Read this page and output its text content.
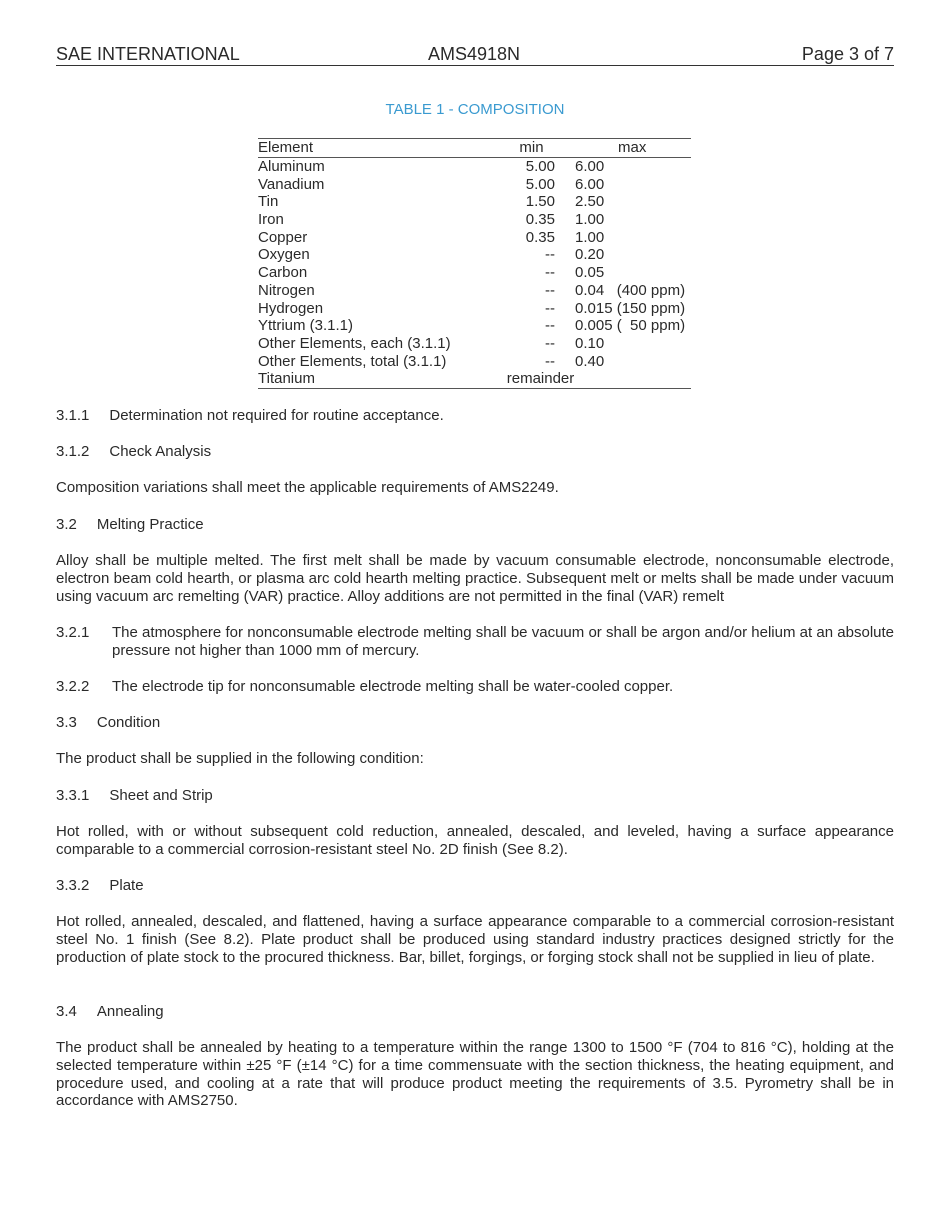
SAE INTERNATIONAL	AMS4918N	Page 3 of 7
TABLE 1 - COMPOSITION
Element	min	max
Aluminum	5.00 6.00
Vanadium	5.00 6.00
Tin	1.50 2.50
Iron	0.35 1.00
Copper	0.35 1.00
Oxygen	-- 0.20
Carbon	-- 0.05
Nitrogen	-- 0.04   (400 ppm)
Hydrogen	-- 0.015 (150 ppm)
Yttrium (3.1.1)	-- 0.005 (  50 ppm)
Other Elements, each (3.1.1)	-- 0.10
Other Elements, total (3.1.1)	-- 0.40
Titanium	remainder
3.1.1 Determination not required for routine acceptance.
3.1.2 Check Analysis
Composition variations shall meet the applicable requirements of AMS2249.
3.2 Melting Practice
Alloy shall be multiple melted. The first melt shall be made by vacuum consumable electrode, nonconsumable electrode, electron beam cold hearth, or plasma arc cold hearth melting practice. Subsequent melt or melts shall be made under vacuum using vacuum arc remelting (VAR) practice. Alloy additions are not permitted in the final (VAR) remelt
3.2.1 The atmosphere for nonconsumable electrode melting shall be vacuum or shall be argon and/or helium at an absolute pressure not higher than 1000 mm of mercury.
3.2.2 The electrode tip for nonconsumable electrode melting shall be water-cooled copper.
3.3 Condition
The product shall be supplied in the following condition:
3.3.1 Sheet and Strip
Hot rolled, with or without subsequent cold reduction, annealed, descaled, and leveled, having a surface appearance comparable to a commercial corrosion-resistant steel No. 2D finish (See 8.2).
3.3.2 Plate
Hot rolled, annealed, descaled, and flattened, having a surface appearance comparable to a commercial corrosion-resistant steel No. 1 finish (See 8.2). Plate product shall be produced using standard industry practices designed strictly for the production of plate stock to the procured thickness. Bar, billet, forgings, or forging stock shall not be supplied in lieu of plate.
3.4 Annealing
The product shall be annealed by heating to a temperature within the range 1300 to 1500 °F (704 to 816 °C), holding at the selected temperature within ±25 °F (±14 °C) for a time commensuate with the section thickness, the heating equipment, and procedure used, and cooling at a rate that will produce product meeting the requirements of 3.5. Pyrometry shall be in accordance with AMS2750.
